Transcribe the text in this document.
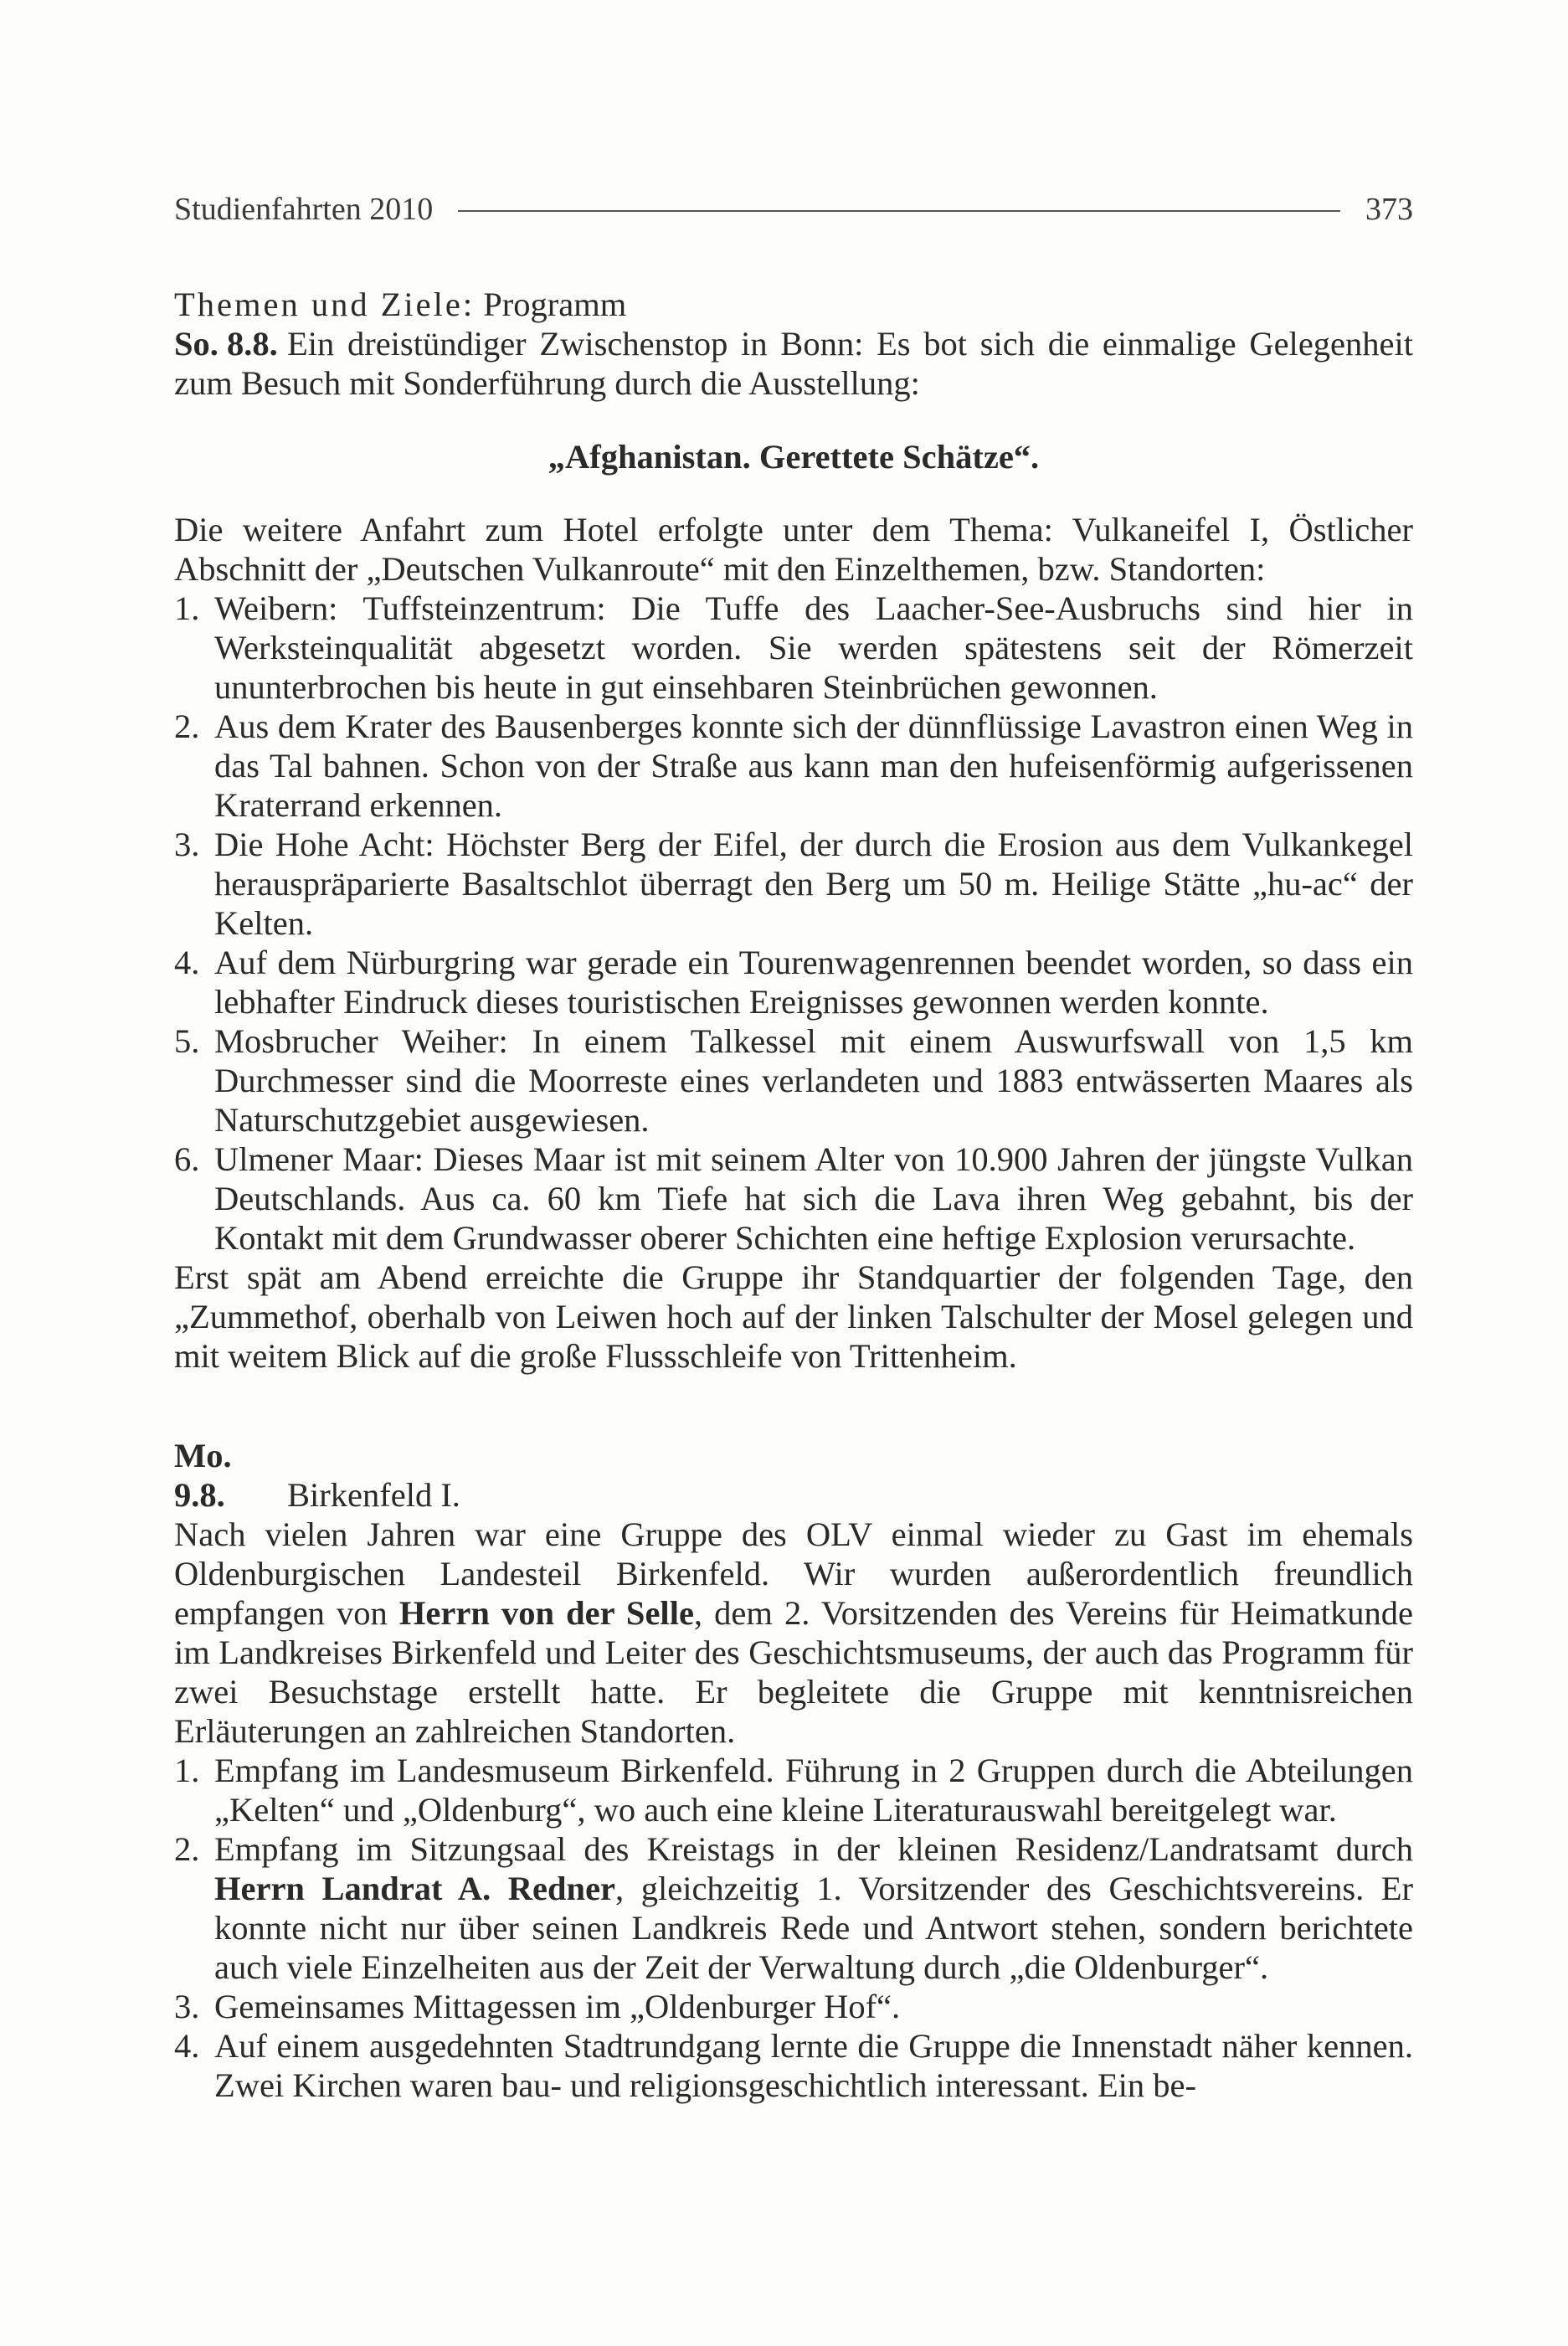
Studienfahrten 2010	373

Themen und Ziele: Programm

So. 8.8. Ein dreistündiger Zwischenstop in Bonn: Es bot sich die einmalige Gelegenheit zum Besuch mit Sonderführung durch die Ausstellung:

„Afghanistan. Gerettete Schätze“.

Die weitere Anfahrt zum Hotel erfolgte unter dem Thema: Vulkaneifel I, Östlicher Abschnitt der „Deutschen Vulkanroute“ mit den Einzelthemen, bzw. Standorten:

1. Weibern: Tuffsteinzentrum: Die Tuffe des Laacher-See-Ausbruchs sind hier in Werksteinqualität abgesetzt worden. Sie werden spätestens seit der Römerzeit ununterbrochen bis heute in gut einsehbaren Steinbrüchen gewonnen.
2. Aus dem Krater des Bausenberges konnte sich der dünnflüssige Lavastron einen Weg in das Tal bahnen. Schon von der Straße aus kann man den hufeisenförmig aufgerissenen Kraterrand erkennen.
3. Die Hohe Acht: Höchster Berg der Eifel, der durch die Erosion aus dem Vulkankegel herauspräparierte Basaltschlot überragt den Berg um 50 m. Heilige Stätte „hu-ac“ der Kelten.
4. Auf dem Nürburgring war gerade ein Tourenwagenrennen beendet worden, so dass ein lebhafter Eindruck dieses touristischen Ereignisses gewonnen werden konnte.
5. Mosbrucher Weiher: In einem Talkessel mit einem Auswurfswall von 1,5 km Durchmesser sind die Moorreste eines verlandeten und 1883 entwässerten Maares als Naturschutzgebiet ausgewiesen.
6. Ulmener Maar: Dieses Maar ist mit seinem Alter von 10.900 Jahren der jüngste Vulkan Deutschlands. Aus ca. 60 km Tiefe hat sich die Lava ihren Weg gebahnt, bis der Kontakt mit dem Grundwasser oberer Schichten eine heftige Explosion verursachte.

Erst spät am Abend erreichte die Gruppe ihr Standquartier der folgenden Tage, den „Zummethof, oberhalb von Leiwen hoch auf der linken Talschulter der Mosel gelegen und mit weitem Blick auf die große Flussschleife von Trittenheim.

Mo. 9.8. Birkenfeld I.

Nach vielen Jahren war eine Gruppe des OLV einmal wieder zu Gast im ehemals Oldenburgischen Landesteil Birkenfeld. Wir wurden außerordentlich freundlich empfangen von Herrn von der Selle, dem 2. Vorsitzenden des Vereins für Heimatkunde im Landkreises Birkenfeld und Leiter des Geschichtsmuseums, der auch das Programm für zwei Besuchstage erstellt hatte. Er begleitete die Gruppe mit kenntnisreichen Erläuterungen an zahlreichen Standorten.

1. Empfang im Landesmuseum Birkenfeld. Führung in 2 Gruppen durch die Abteilungen „Kelten“ und „Oldenburg“, wo auch eine kleine Literaturauswahl bereitgelegt war.
2. Empfang im Sitzungsaal des Kreistags in der kleinen Residenz/Landratsamt durch Herrn Landrat A. Redner, gleichzeitig 1. Vorsitzender des Geschichtsvereins. Er konnte nicht nur über seinen Landkreis Rede und Antwort stehen, sondern berichtete auch viele Einzelheiten aus der Zeit der Verwaltung durch „die Oldenburger“.
3. Gemeinsames Mittagessen im „Oldenburger Hof“.
4. Auf einem ausgedehnten Stadtrundgang lernte die Gruppe die Innenstadt näher kennen. Zwei Kirchen waren bau- und religionsgeschichtlich interessant. Ein be-
